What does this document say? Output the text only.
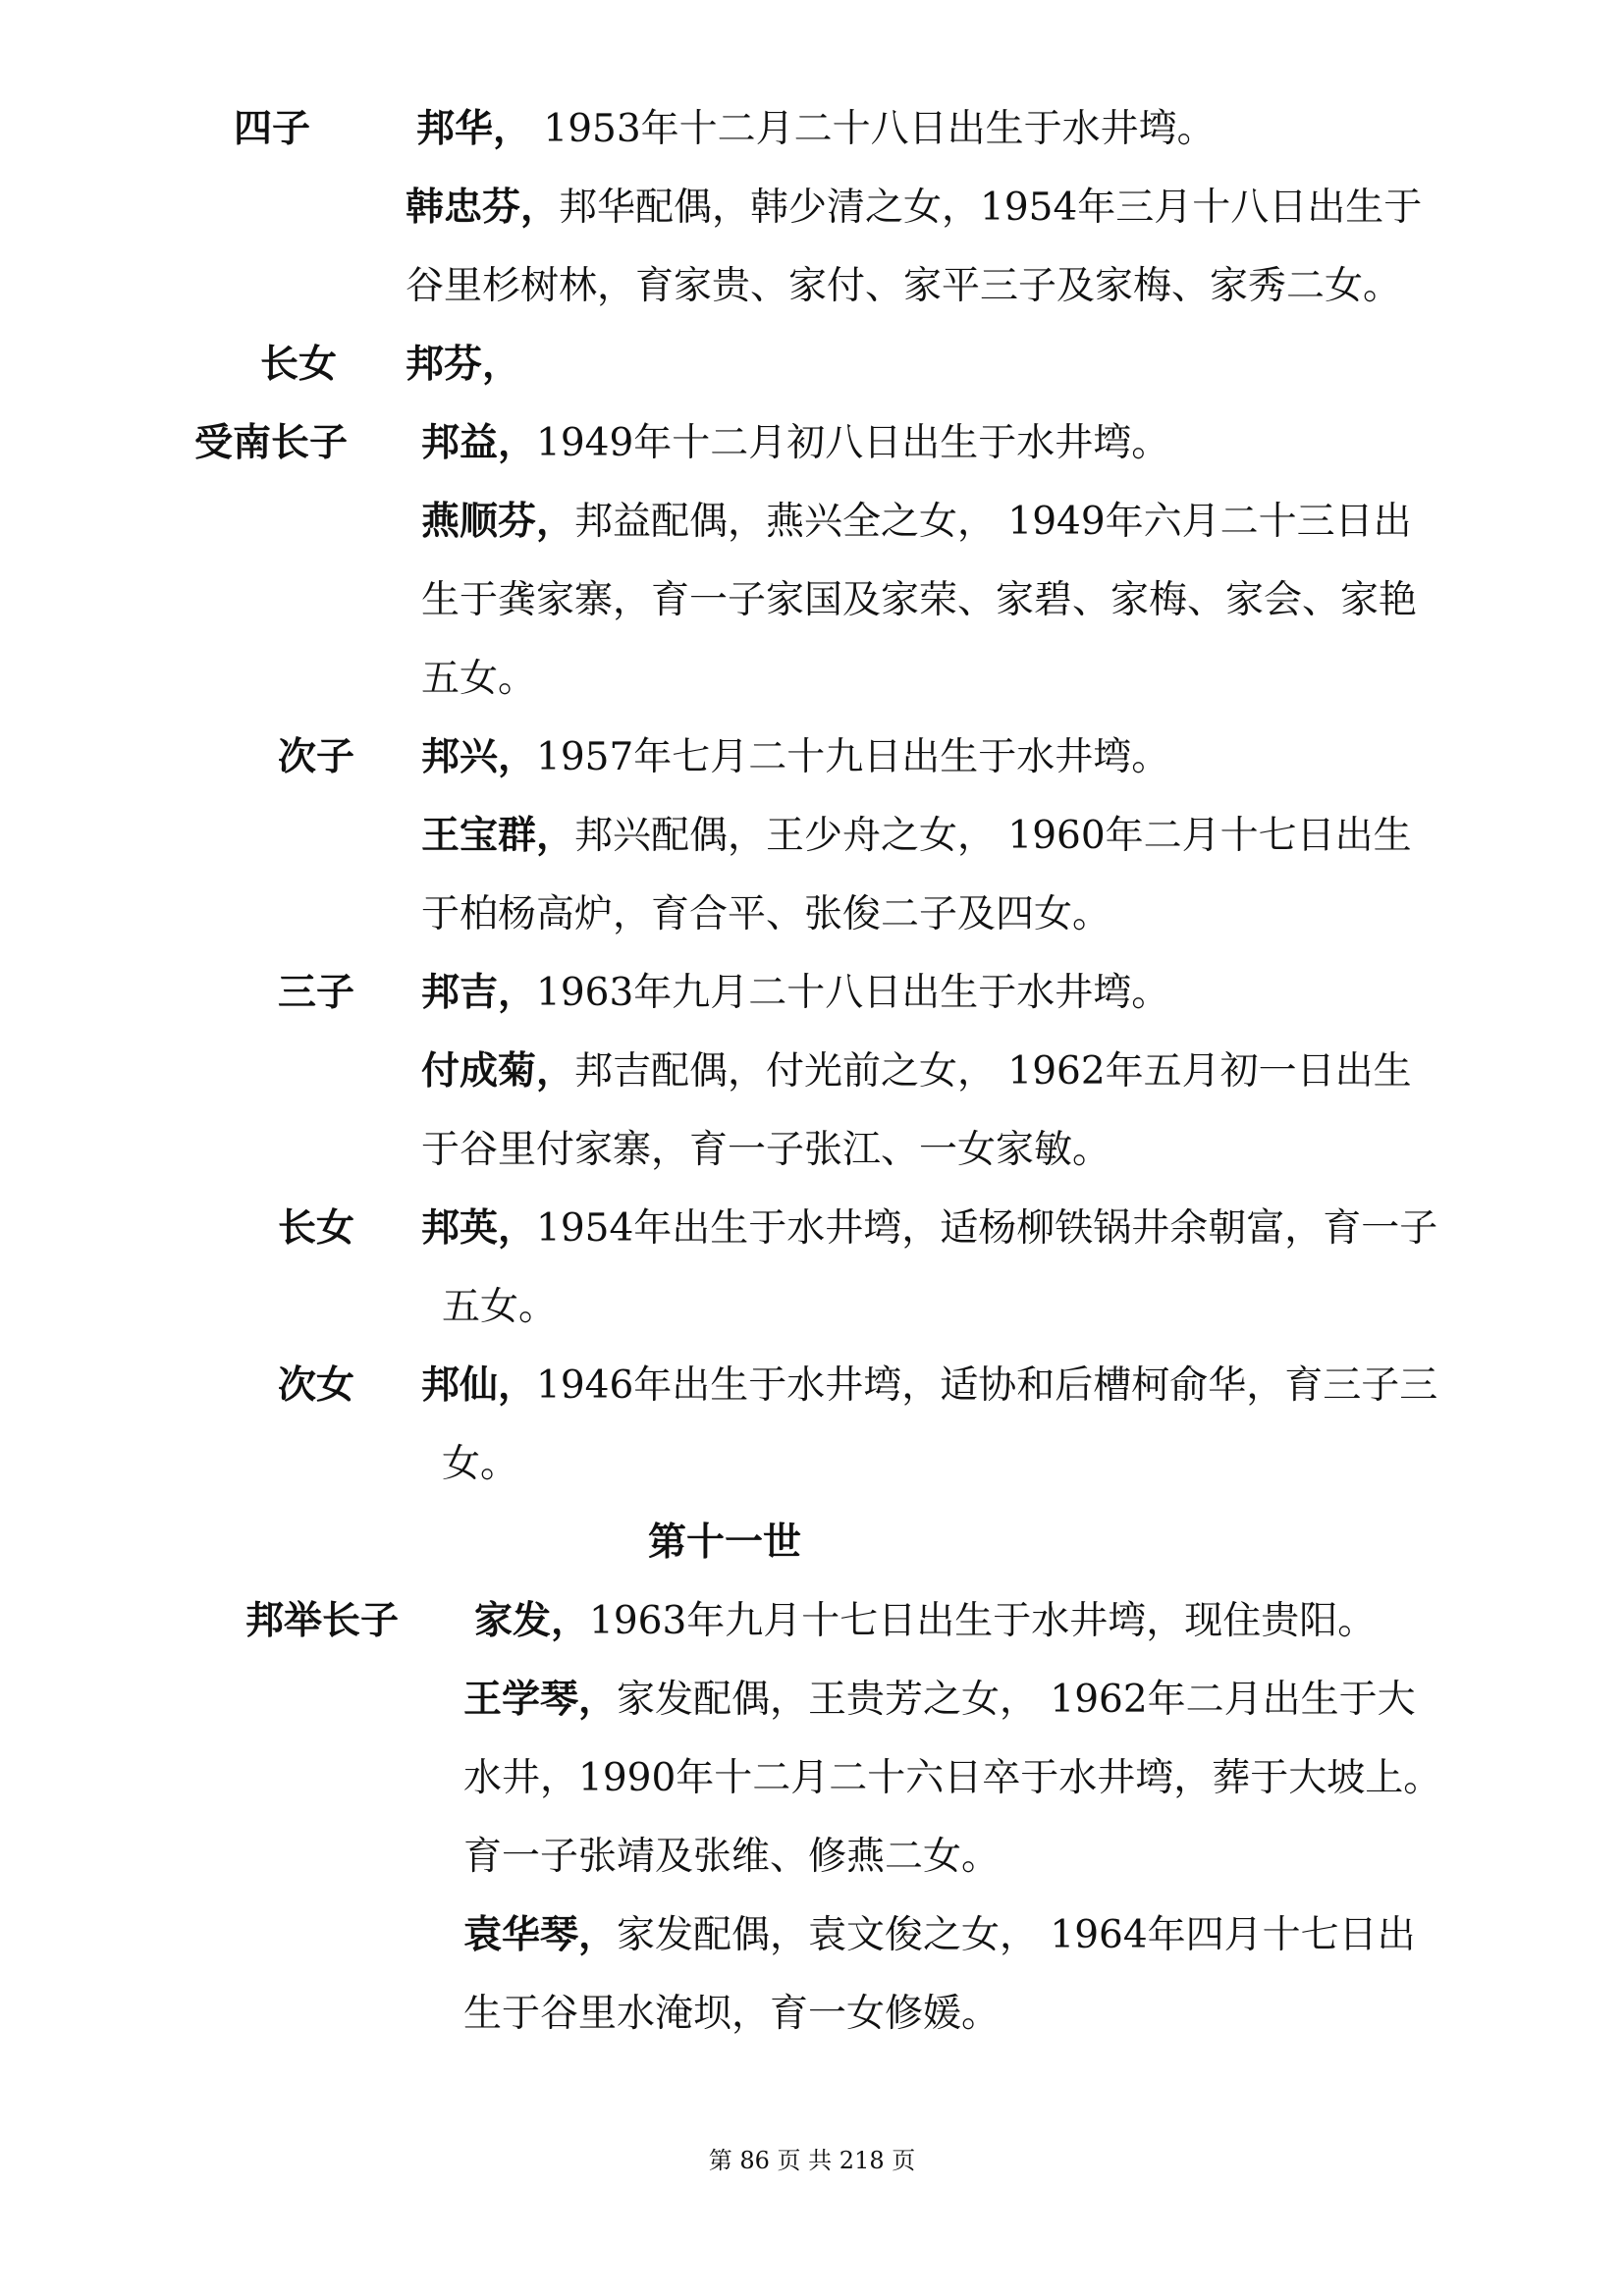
四子	邦华， 1953年十二月二十八日出生于水井塆。
韩忠芬，邦华配偶，韩少清之女，1954年三月十八日出生于
谷里杉树林，育家贵、家付、家平三子及家梅、家秀二女。
长女 邦芬，
受南长子 邦益，1949年十二月初八日出生于水井塆。
燕顺芬，邦益配偶，燕兴全之女， 1949年六月二十三日出
生于龚家寨，育一子家国及家荣、家碧、家梅、家会、家艳
五女。
次子 邦兴，1957年七月二十九日出生于水井塆。
王宝群，邦兴配偶，王少舟之女， 1960年二月十七日出生
于柏杨高炉，育合平、张俊二子及四女。
三子 邦吉，1963年九月二十八日出生于水井塆。
付成菊，邦吉配偶，付光前之女， 1962年五月初一日出生
于谷里付家寨，育一子张江、一女家敏。
长女 邦英，1954年出生于水井塆，适杨柳铁锅井余朝富，育一子
五女。
次女 邦仙，1946年出生于水井塆，适协和后槽柯俞华，育三子三
女。
第十一世
邦举长子 家发，1963年九月十七日出生于水井塆，现住贵阳。
王学琴，家发配偶，王贵芳之女， 1962年二月出生于大
水井，1990年十二月二十六日卒于水井塆，葬于大坡上。
育一子张靖及张维、修燕二女。
袁华琴，家发配偶，袁文俊之女， 1964年四月十七日出
生于谷里水淹坝，育一女修媛。
第 86 页 共 218 页
